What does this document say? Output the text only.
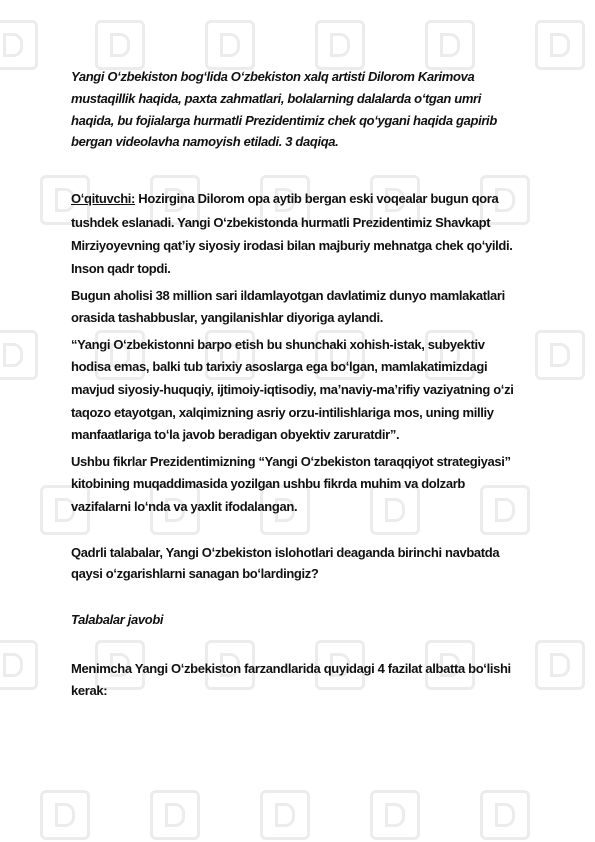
Yangi Oʻzbekiston bogʻlida Oʻzbekiston xalq artisti Dilorom Karimova mustaqillik haqida, paxta zahmatlari, bolalarning dalalarda oʻtgan umri haqida, bu fojialarga hurmatli Prezidentimiz chek qoʻygani haqida gapirib bergan videolavha namoyish etiladi. 3 daqiqa.

Oʻqituvchi: Hozirgina Dilorom opa aytib bergan eski voqealar bugun qora tushdek eslanadi. Yangi Oʻzbekistonda hurmatli Prezidentimiz Shavkapt Mirziyoyevning qatʼiy siyosiy irodasi bilan majburiy mehnatga chek qoʻyildi. Inson qadr topdi.

Bugun aholisi 38 million sari ildamlayotgan davlatimiz dunyo mamlakatlari orasida tashabbuslar, yangilanishlar diyoriga aylandi.

“Yangi Oʻzbekistonni barpo etish bu shunchaki xohish-istak, subyektiv hodisa emas, balki tub tarixiy asoslarga ega boʻlgan, mamlakatimizdagi mavjud siyosiy-huquqiy, ijtimoiy-iqtisodiy, maʼnaviy-maʼrifiy vaziyatning oʻzi taqozo etayotgan, xalqimizning asriy orzu-intilishlariga mos, uning milliy manfaatlariga toʻla javob beradigan obyektiv zaruratdir”.

Ushbu fikrlar Prezidentimizning “Yangi Oʻzbekiston taraqqiyot strategiyasi” kitobining muqaddimasida yozilgan ushbu fikrda muhim va dolzarb vazifalarni loʻnda va yaxlit ifodalangan.

Qadrli talabalar, Yangi Oʻzbekiston islohotlari deaganda birinchi navbatda qaysi oʻzgarishlarni sanagan boʻlardingiz?

Talabalar javobi

Menimcha Yangi Oʻzbekiston farzandlarida quyidagi 4 fazilat albatta boʻlishi kerak:
